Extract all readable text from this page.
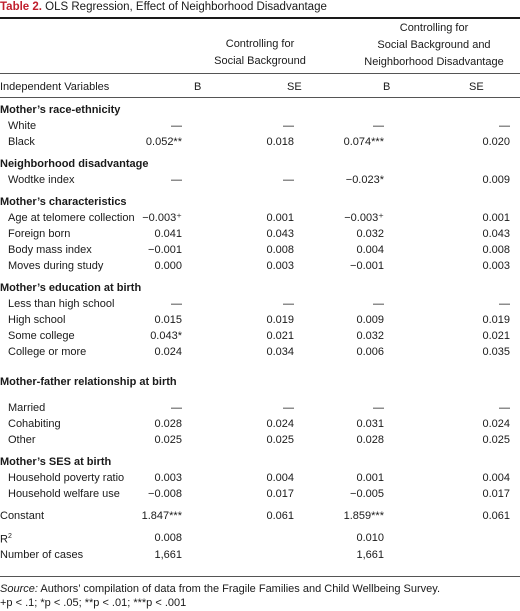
Table 2. OLS Regression, Effect of Neighborhood Disadvantage
Controlling for
Social Background
Controlling for
Social Background and
Neighborhood Disadvantage
Independent Variables	B	SE	B	SE
Mother’s race-ethnicity				
White	—	—	—	—
Black	0.052**	0.018	0.074***	0.020
Neighborhood disadvantage				
Wodtke index	—	—	−0.023*	0.009
Mother’s characteristics				
Age at telomere collection	−0.003⁺	0.001	−0.003⁺	0.001
Foreign born	0.041	0.043	0.032	0.043
Body mass index	−0.001	0.008	0.004	0.008
Moves during study	0.000	0.003	−0.001	0.003
Mother’s education at birth				
Less than high school	—	—	—	—
High school	0.015	0.019	0.009	0.019
Some college	0.043*	0.021	0.032	0.021
College or more	0.024	0.034	0.006	0.035
Mother-father relationship at birth				
Married	—	—	—	—
Cohabiting	0.028	0.024	0.031	0.024
Other	0.025	0.025	0.028	0.025
Mother’s SES at birth				
Household poverty ratio	0.003	0.004	0.001	0.004
Household welfare use	−0.008	0.017	−0.005	0.017

Constant	1.847***	0.061	1.859***	0.061

$R^2$	0.008		0.010	
Number of cases	1,661		1,661	
Source: Authors’ compilation of data from the Fragile Families and Child Wellbeing Survey.
+p < .1; *p < .05; **p < .01; ***p < .001
